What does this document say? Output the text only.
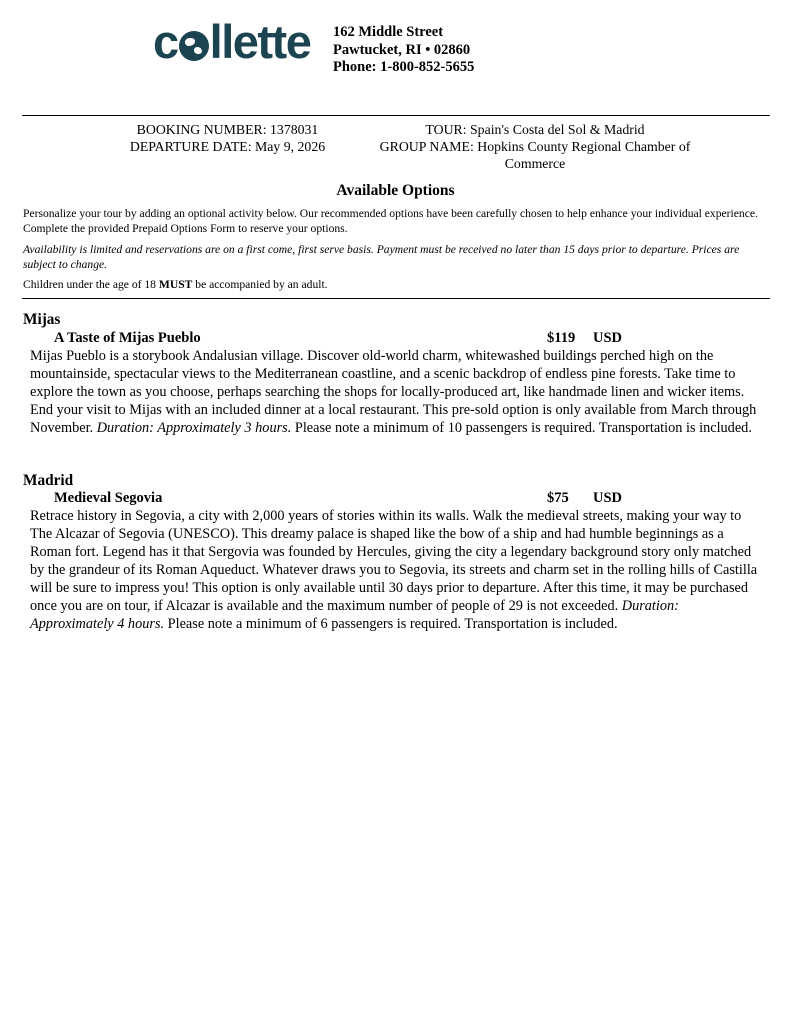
c llette 162 Middle Street
Pawtucket, RI • 02860
Phone: 1-800-852-5655
BOOKING NUMBER: 1378031
DEPARTURE DATE: May 9, 2026
TOUR: Spain's Costa del Sol & Madrid
GROUP NAME: Hopkins County Regional Chamber of Commerce
Available Options
Personalize your tour by adding an optional activity below. Our recommended options have been carefully chosen to help enhance your individual experience. Complete the provided Prepaid Options Form to reserve your options.
Availability is limited and reservations are on a first come, first serve basis. Payment must be received no later than 15 days prior to departure. Prices are subject to change.
Children under the age of 18 MUST be accompanied by an adult.
Mijas
A Taste of Mijas Pueblo	$119 USD
Mijas Pueblo is a storybook Andalusian village. Discover old-world charm, whitewashed buildings perched high on the mountainside, spectacular views to the Mediterranean coastline, and a scenic backdrop of endless pine forests. Take time to explore the town as you choose, perhaps searching the shops for locally-produced art, like handmade linen and wicker items. End your visit to Mijas with an included dinner at a local restaurant. This pre-sold option is only available from March through November. Duration: Approximately 3 hours. Please note a minimum of 10 passengers is required. Transportation is included.
Madrid
Medieval Segovia	$75 USD
Retrace history in Segovia, a city with 2,000 years of stories within its walls. Walk the medieval streets, making your way to The Alcazar of Segovia (UNESCO). This dreamy palace is shaped like the bow of a ship and had humble beginnings as a Roman fort. Legend has it that Sergovia was founded by Hercules, giving the city a legendary background story only matched by the grandeur of its Roman Aqueduct. Whatever draws you to Segovia, its streets and charm set in the rolling hills of Castilla will be sure to impress you! This option is only available until 30 days prior to departure. After this time, it may be purchased once you are on tour, if Alcazar is available and the maximum number of people of 29 is not exceeded. Duration: Approximately 4 hours. Please note a minimum of 6 passengers is required. Transportation is included.
